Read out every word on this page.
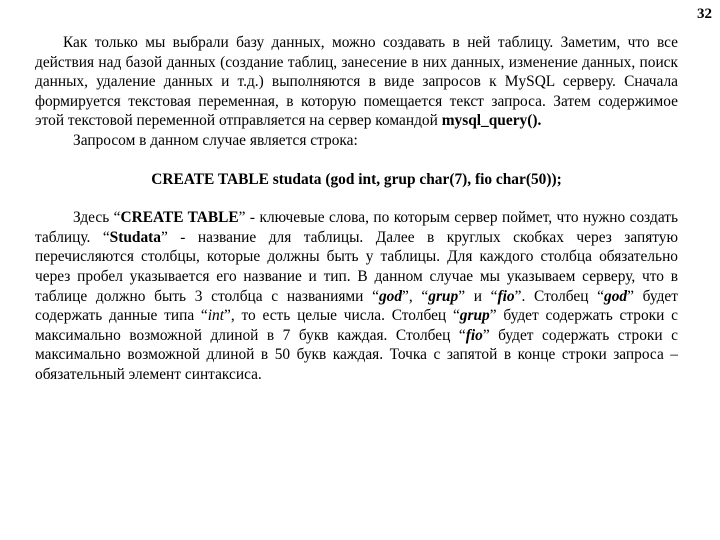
32

Как только мы выбрали базу данных, можно создавать в ней таблицу. Заметим, что все действия над базой данных (создание таблиц, занесение в них данных, изменение данных, поиск данных, удаление данных и т.д.) выполняются в виде запросов к MySQL серверу. Сначала формируется текстовая переменная, в которую помещается текст запроса. Затем содержимое этой текстовой переменной отправляется на сервер командой mysql_query().

Запросом в данном случае является строка:

CREATE TABLE studata (god int, grup char(7), fio char(50));

Здесь “CREATE TABLE” - ключевые слова, по которым сервер поймет, что нужно создать таблицу. “Studata” - название для таблицы. Далее в круглых скобках через запятую перечисляются столбцы, которые должны быть у таблицы. Для каждого столбца обязательно через пробел указывается его название и тип. В данном случае мы указываем серверу, что в таблице должно быть 3 столбца с названиями “god”, “grup” и “fio”. Столбец “god” будет содержать данные типа “int”, то есть целые числа. Столбец “grup” будет содержать строки с максимально возможной длиной в 7 букв каждая. Столбец “fio” будет содержать строки с максимально возможной длиной в 50 букв каждая. Точка с запятой в конце строки запроса – обязательный элемент синтаксиса.
